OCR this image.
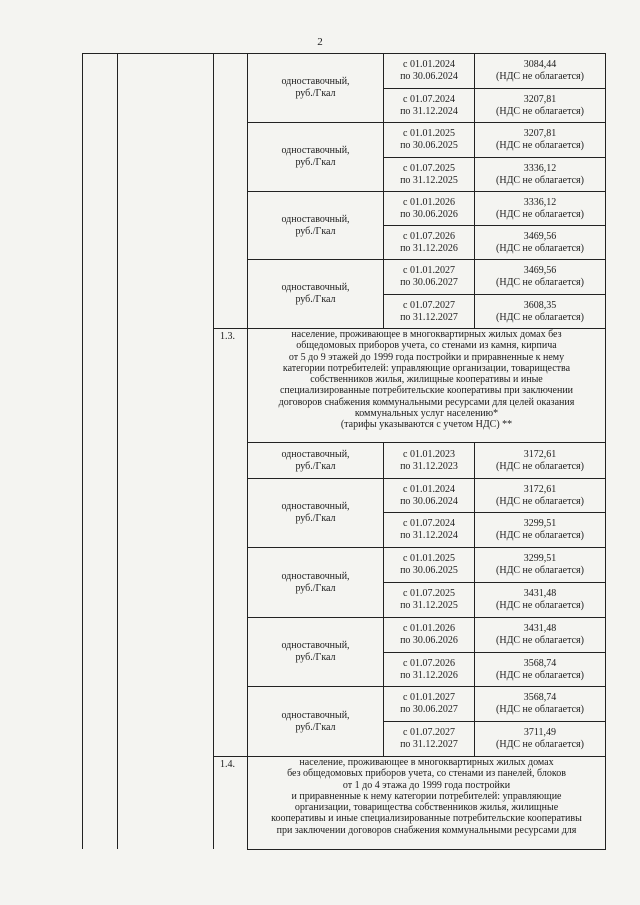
2
одноставочный,
руб./Гкал
с 01.01.2024
по 30.06.2024
3084,44
(НДС не облагается)
с 01.07.2024
по 31.12.2024
3207,81
(НДС не облагается)
одноставочный,
руб./Гкал
с 01.01.2025
по 30.06.2025
3207,81
(НДС не облагается)
с 01.07.2025
по 31.12.2025
3336,12
(НДС не облагается)
одноставочный,
руб./Гкал
с 01.01.2026
по 30.06.2026
3336,12
(НДС не облагается)
с 01.07.2026
по 31.12.2026
3469,56
(НДС не облагается)
одноставочный,
руб./Гкал
с 01.01.2027
по 30.06.2027
3469,56
(НДС не облагается)
с 01.07.2027
по 31.12.2027
3608,35
(НДС не облагается)
1.3.	население, проживающее в многоквартирных жилых домах без
общедомовых приборов учета, со стенами из камня, кирпича
от 5 до 9 этажей до 1999 года постройки и приравненные к нему
категории потребителей: управляющие организации, товарищества
собственников жилья, жилищные кооперативы и иные
специализированные потребительские кооперативы при заключении
договоров снабжения коммунальными ресурсами для целей оказания
коммунальных услуг населению*
(тарифы указываются с учетом НДС) **
одноставочный,
руб./Гкал
с 01.01.2023
по 31.12.2023
3172,61
(НДС не облагается)
одноставочный,
руб./Гкал
с 01.01.2024
по 30.06.2024
3172,61
(НДС не облагается)
с 01.07.2024
по 31.12.2024
3299,51
(НДС не облагается)
одноставочный,
руб./Гкал
с 01.01.2025
по 30.06.2025
3299,51
(НДС не облагается)
с 01.07.2025
по 31.12.2025
3431,48
(НДС не облагается)
одноставочный,
руб./Гкал
с 01.01.2026
по 30.06.2026
3431,48
(НДС не облагается)
с 01.07.2026
по 31.12.2026
3568,74
(НДС не облагается)
одноставочный,
руб./Гкал
с 01.01.2027
по 30.06.2027
3568,74
(НДС не облагается)
с 01.07.2027
по 31.12.2027
3711,49
(НДС не облагается)
1.4.	население, проживающее в многоквартирных жилых домах
без общедомовых приборов учета, со стенами из панелей, блоков
от 1 до 4 этажа до 1999 года постройки
и приравненные к нему категории потребителей: управляющие
организации, товарищества собственников жилья, жилищные
кооперативы и иные специализированные потребительские кооперативы
при заключении договоров снабжения коммунальными ресурсами для
